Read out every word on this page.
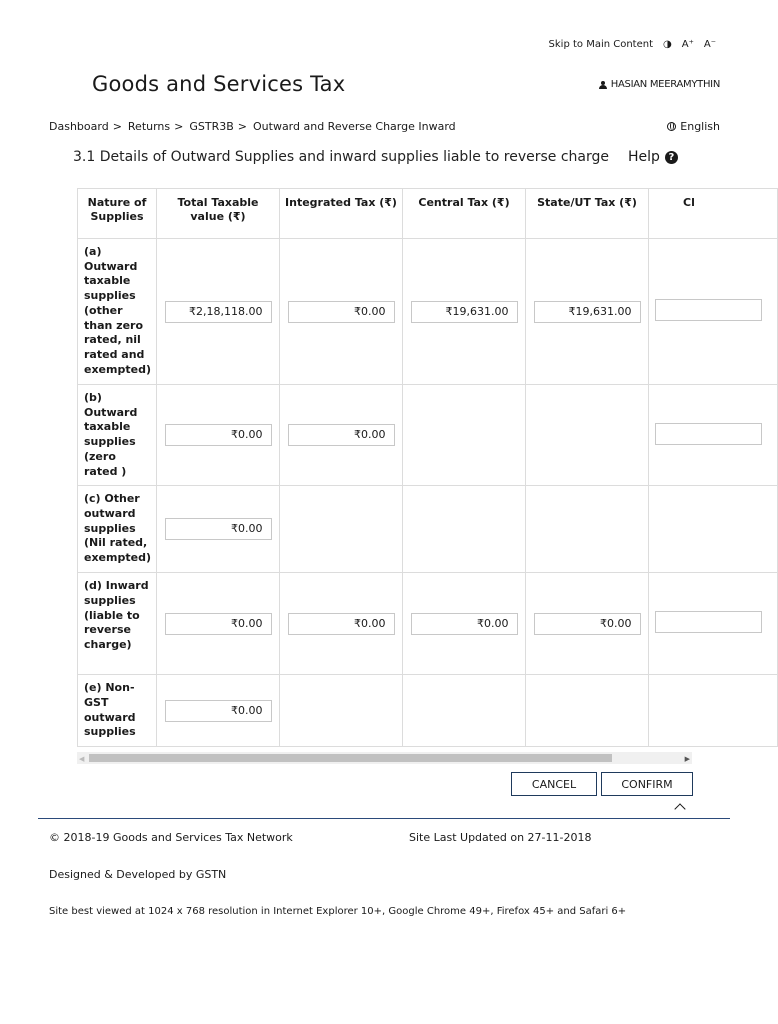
Skip to Main Content ◑ A⁺ A⁻
Goods and Services Tax	HASIAN MEERAMYTHIN
Dashboard > Returns > GSTR3B > Outward and Reverse Charge Inward	English
3.1 Details of Outward Supplies and inward supplies liable to reverse charge Help ?
Nature of Supplies	Total Taxable value (₹)	Integrated Tax (₹)	Central Tax (₹)	State/UT Tax (₹)	Cl
(a) Outward taxable supplies (other than zero rated, nil rated and exempted)	₹2,18,118.00	₹0.00	₹19,631.00	₹19,631.00	
(b) Outward taxable supplies (zero rated )	₹0.00	₹0.00			
(c) Other outward supplies (Nil rated, exempted)	₹0.00				
(d) Inward supplies (liable to reverse charge)	₹0.00	₹0.00	₹0.00	₹0.00	
(e) Non-GST outward supplies	₹0.00				
◀	▶
CANCEL	CONFIRM
© 2018-19 Goods and Services Tax Network	Site Last Updated on 27-11-2018
Designed & Developed by GSTN
Site best viewed at 1024 x 768 resolution in Internet Explorer 10+, Google Chrome 49+, Firefox 45+ and Safari 6+
